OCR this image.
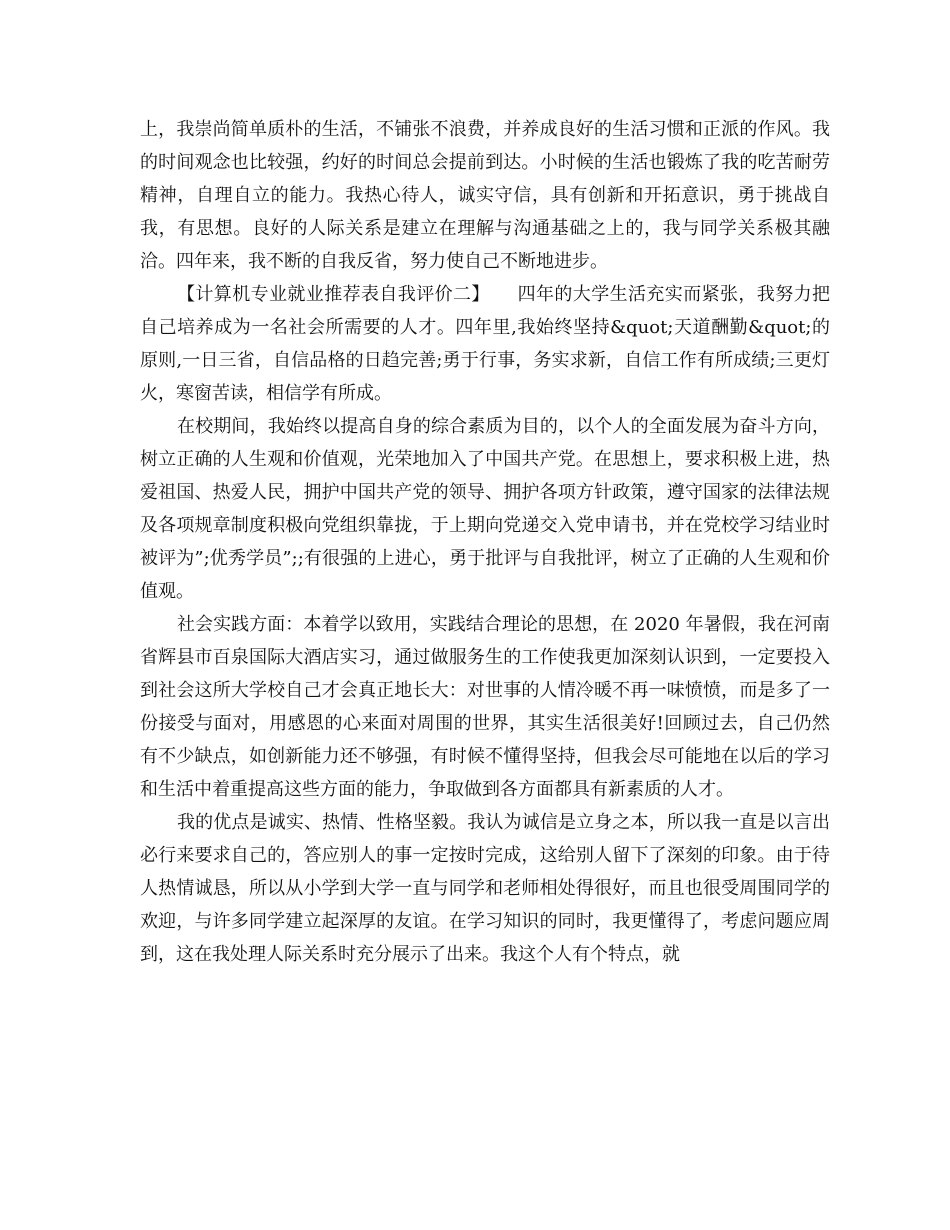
上，我崇尚简单质朴的生活，不铺张不浪费，并养成良好的生活习惯和正派的作风。我的时间观念也比较强，约好的时间总会提前到达。小时候的生活也锻炼了我的吃苦耐劳精神，自理自立的能力。我热心待人，诚实守信，具有创新和开拓意识，勇于挑战自我，有思想。良好的人际关系是建立在理解与沟通基础之上的，我与同学关系极其融洽。四年来，我不断的自我反省，努力使自己不断地进步。

【计算机专业就业推荐表自我评价二】　　四年的大学生活充实而紧张，我努力把自己培养成为一名社会所需要的人才。四年里,我始终坚持&quot;天道酬勤&quot;的原则,一日三省，自信品格的日趋完善;勇于行事，务实求新，自信工作有所成绩;三更灯火，寒窗苦读，相信学有所成。

在校期间，我始终以提高自身的综合素质为目的，以个人的全面发展为奋斗方向，树立正确的人生观和价值观，光荣地加入了中国共产党。在思想上，要求积极上进，热爱祖国、热爱人民，拥护中国共产党的领导、拥护各项方针政策，遵守国家的法律法规及各项规章制度积极向党组织靠拢，于上期向党递交入党申请书，并在党校学习结业时被评为”;优秀学员”;;有很强的上进心，勇于批评与自我批评，树立了正确的人生观和价值观。

社会实践方面：本着学以致用，实践结合理论的思想，在 2020 年暑假，我在河南省辉县市百泉国际大酒店实习，通过做服务生的工作使我更加深刻认识到，一定要投入到社会这所大学校自己才会真正地长大：对世事的人情冷暖不再一味愤愤，而是多了一份接受与面对，用感恩的心来面对周围的世界，其实生活很美好!回顾过去，自己仍然有不少缺点，如创新能力还不够强，有时候不懂得坚持，但我会尽可能地在以后的学习和生活中着重提高这些方面的能力，争取做到各方面都具有新素质的人才。

我的优点是诚实、热情、性格坚毅。我认为诚信是立身之本，所以我一直是以言出必行来要求自己的，答应别人的事一定按时完成，这给别人留下了深刻的印象。由于待人热情诚恳，所以从小学到大学一直与同学和老师相处得很好，而且也很受周围同学的欢迎，与许多同学建立起深厚的友谊。在学习知识的同时，我更懂得了，考虑问题应周到，这在我处理人际关系时充分展示了出来。我这个人有个特点，就
